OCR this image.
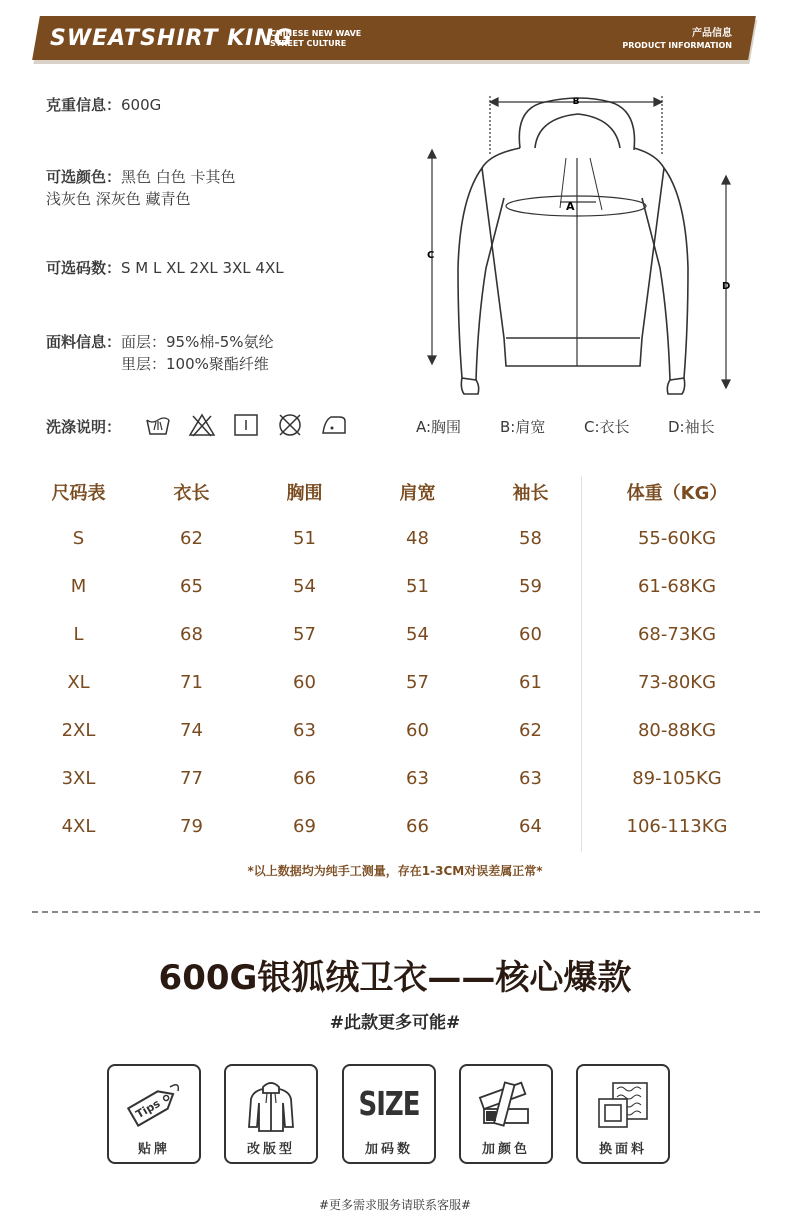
SWEATSHIRT KING
CHINESE NEW WAVE
STREET CULTURE
产品信息
PRODUCT INFORMATION
克重信息：600G
可选颜色：黑色 白色 卡其色
浅灰色 深灰色 藏青色
可选码数：S M L XL 2XL 3XL 4XL
面料信息：面层：95%棉-5%氨纶
里层：100%聚酯纤维
洗涤说明：
B
A
C
D
A:胸围	B:肩宽	C:衣长	D:袖长
尺码表	衣长	胸围	肩宽	袖长	体重（KG）
S	62	51	48	58	55-60KG
M	65	54	51	59	61-68KG
L	68	57	54	60	68-73KG
XL	71	60	57	61	73-80KG
2XL	74	63	60	62	80-88KG
3XL	77	66	63	63	89-105KG
4XL	79	69	66	64	106-113KG
*以上数据均为纯手工测量，存在1-3CM对误差属正常*
600G银狐绒卫衣——核心爆款
#此款更多可能#
Tips
贴牌	改版型
SIZE
加码数	加颜色	换面料
#更多需求服务请联系客服#
